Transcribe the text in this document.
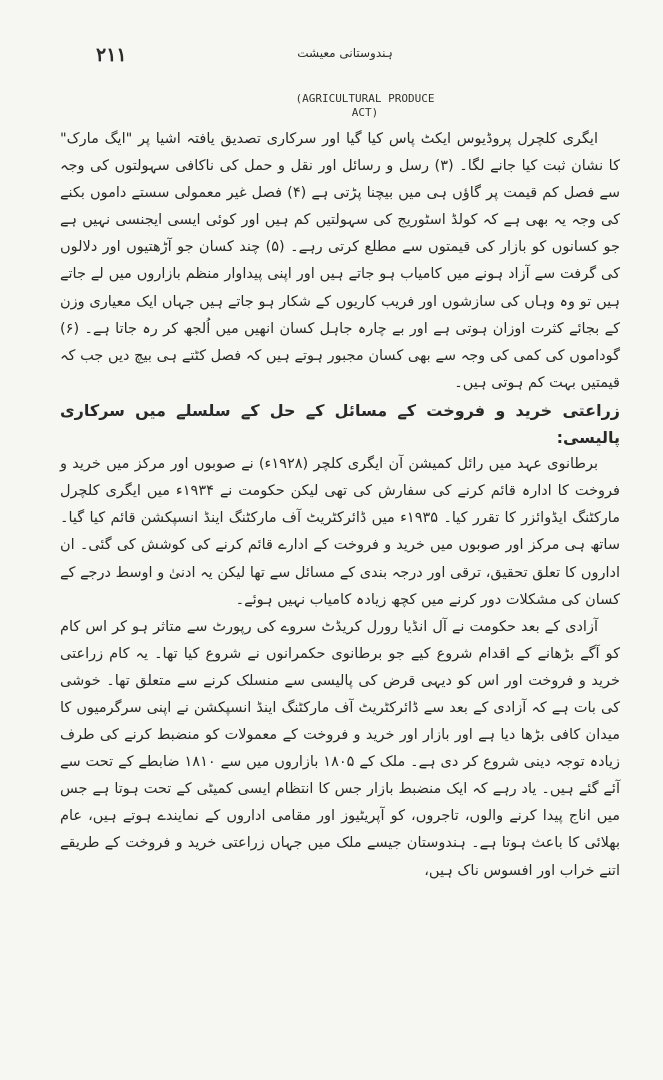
۲۱۱	ہندوستانی معیشت
(AGRICULTURAL PRODUCE ACT)

ایگری کلچرل پروڈیوس ایکٹ پاس کیا گیا اور سرکاری تصدیق یافتہ اشیا پر "ایگ مارک" کا نشان ثبت کیا جانے لگا۔ (۳) رسل و رسائل اور نقل و حمل کی ناکافی سہولتوں کی وجہ سے فصل کم قیمت پر گاؤں ہی میں بیچنا پڑتی ہے (۴) فصل غیر معمولی سستے داموں بکنے کی وجہ یہ بھی ہے کہ کولڈ اسٹوریج کی سہولتیں کم ہیں اور کوئی ایسی ایجنسی نہیں ہے جو کسانوں کو بازار کی قیمتوں سے مطلع کرتی رہے۔ (۵) چند کسان جو آڑھتیوں اور دلالوں کی گرفت سے آزاد ہونے میں کامیاب ہو جاتے ہیں اور اپنی پیداوار منظم بازاروں میں لے جاتے ہیں تو وہ وہاں کی سازشوں اور فریب کاریوں کے شکار ہو جاتے ہیں جہاں ایک معیاری وزن کے بجائے کثرت اوزان ہوتی ہے اور بے چارہ جاہل کسان انھیں میں اُلجھ کر رہ جاتا ہے۔ (۶) گوداموں کی کمی کی وجہ سے بھی کسان مجبور ہوتے ہیں کہ فصل کٹتے ہی بیچ دیں جب کہ قیمتیں بہت کم ہوتی ہیں۔

زراعتی خرید و فروخت کے مسائل کے حل کے سلسلے میں سرکاری پالیسی:

برطانوی عہد میں رائل کمیشن آن ایگری کلچر (۱۹۲۸ء) نے صوبوں اور مرکز میں خرید و فروخت کا ادارہ قائم کرنے کی سفارش کی تھی لیکن حکومت نے ۱۹۳۴ء میں ایگری کلچرل مارکٹنگ ایڈوائزر کا تقرر کیا۔ ۱۹۳۵ء میں ڈائرکٹریٹ آف مارکٹنگ اینڈ انسپکشن قائم کیا گیا۔ ساتھ ہی مرکز اور صوبوں میں خرید و فروخت کے ادارے قائم کرنے کی کوشش کی گئی۔ ان اداروں کا تعلق تحقیق، ترقی اور درجہ بندی کے مسائل سے تھا لیکن یہ ادنیٰ و اوسط درجے کے کسان کی مشکلات دور کرنے میں کچھ زیادہ کامیاب نہیں ہوئے۔

آزادی کے بعد حکومت نے آل انڈیا رورل کریڈٹ سروے کی رپورٹ سے متاثر ہو کر اس کام کو آگے بڑھانے کے اقدام شروع کیے جو برطانوی حکمرانوں نے شروع کیا تھا۔ یہ کام زراعتی خرید و فروخت اور اس کو دیہی قرض کی پالیسی سے منسلک کرنے سے متعلق تھا۔ خوشی کی بات ہے کہ آزادی کے بعد سے ڈائرکٹریٹ آف مارکٹنگ اینڈ انسپکشن نے اپنی سرگرمیوں کا میدان کافی بڑھا دیا ہے اور بازار اور خرید و فروخت کے معمولات کو منضبط کرنے کی طرف زیادہ توجہ دینی شروع کر دی ہے۔ ملک کے ۱۸۰۵ بازاروں میں سے ۱۸۱۰ ضابطے کے تحت سے آئے گئے ہیں۔ یاد رہے کہ ایک منضبط بازار جس کا انتظام ایسی کمیٹی کے تحت ہوتا ہے جس میں اناج پیدا کرنے والوں، تاجروں، کو آپریٹیوز اور مقامی اداروں کے نمایندے ہوتے ہیں، عام بھلائی کا باعث ہوتا ہے۔ ہندوستان جیسے ملک میں جہاں زراعتی خرید و فروخت کے طریقے اتنے خراب اور افسوس ناک ہیں،
